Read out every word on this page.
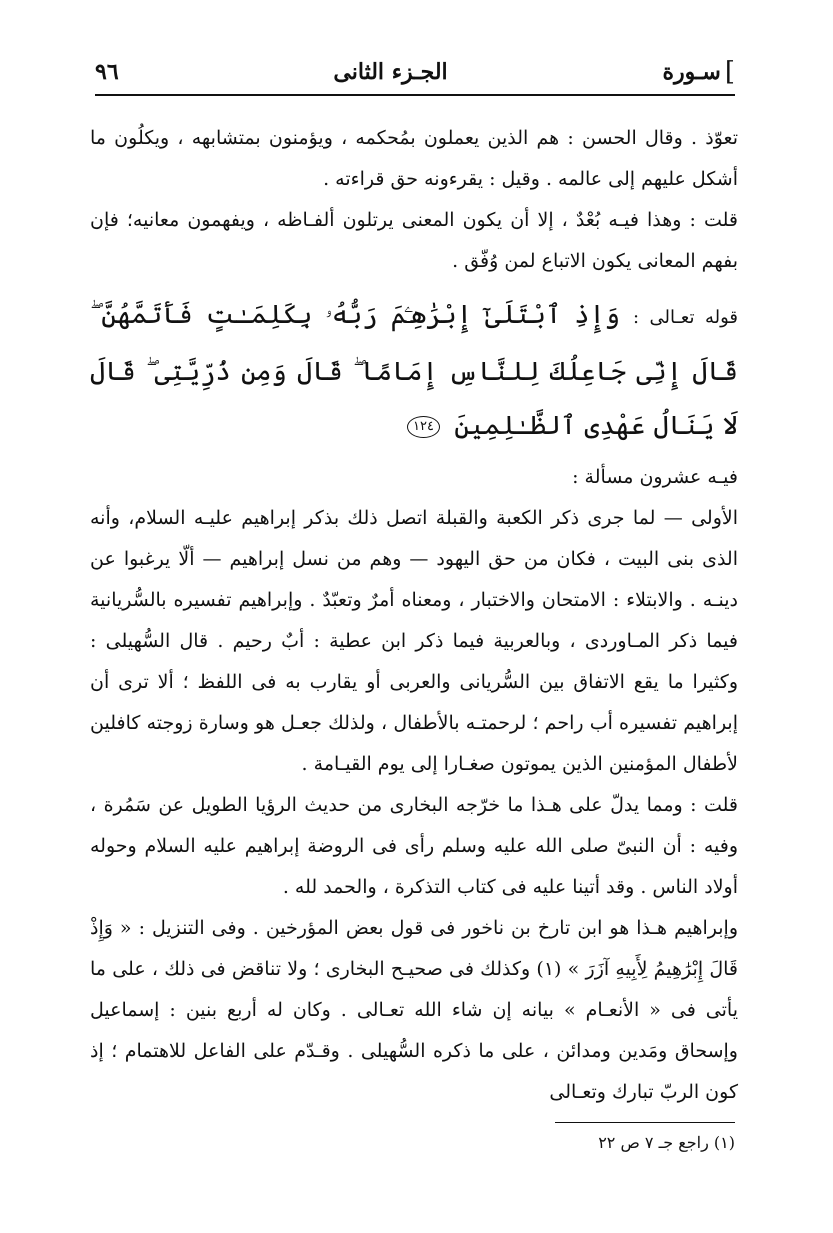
٩٦	الجـزء الثانى	سـورة [

تعوّذ . وقال الحسن : هم الذين يعملون بمُحكمه ، ويؤمنون بمتشابهه ، ويكلُون ما أشكل عليهم إلى عالمه . وقيل : يقرءونه حق قراءته .

قلت : وهذا فيـه بُعْدٌ ، إلا أن يكون المعنى يرتلون ألفـاظه ، ويفهمون معانيه؛ فإن بفهم المعانى يكون الاتباع لمن وُفّق .

قوله تعـالى : وَإِذِ ٱبْتَلَىٰٓ إِبْرَٰهِـۧمَ رَبُّهُۥ بِكَلِمَـٰتٍ فَأَتَمَّهُنَّ ۖ قَالَ إِنِّى جَاعِلُكَ لِلنَّاسِ إِمَامًا ۖ قَالَ وَمِن ذُرِّيَّتِى ۖ قَالَ لَا يَنَالُ عَهْدِى ٱلظَّـٰلِمِينَ ١٢٤

فيـه عشرون مسألة :

الأولى — لما جرى ذكر الكعبة والقبلة اتصل ذلك بذكر إبراهيم عليـه السلام، وأنه الذى بنى البيت ، فكان من حق اليهود — وهم من نسل إبراهيم — ألّا يرغبوا عن دينـه . والابتلاء : الامتحان والاختبار ، ومعناه أمرٌ وتعبّدٌ . وإبراهيم تفسيره بالسُّريانية فيما ذكر المـاوردى ، وبالعربية فيما ذكر ابن عطية : أبٌ رحيم . قال السُّهيلى : وكثيرا ما يقع الاتفاق بين السُّريانى والعربى أو يقارب به فى اللفظ ؛ ألا ترى أن إبراهيم تفسيره أب راحم ؛ لرحمتـه بالأطفال ، ولذلك جعـل هو وسارة زوجته كافلين لأطفال المؤمنين الذين يموتون صغـارا إلى يوم القيـامة .

قلت : ومما يدلّ على هـذا ما خرّجه البخارى من حديث الرؤيا الطويل عن سَمُرة ، وفيه : أن النبىّ صلى الله عليه وسلم رأى فى الروضة إبراهيم عليه السلام وحوله أولاد الناس . وقد أتينا عليه فى كتاب التذكرة ، والحمد لله .

وإبراهيم هـذا هو ابن تارخ بن ناخور فى قول بعض المؤرخين . وفى التنزيل : « وَإِذْ قَالَ إِبْرَٰهِيمُ لِأَبِيهِ آزَرَ » (١) وكذلك فى صحيـح البخارى ؛ ولا تناقض فى ذلك ، على ما يأتى فى « الأنعـام » بيانه إن شاء الله تعـالى . وكان له أربع بنين : إسماعيل وإسحاق ومَدين ومدائن ، على ما ذكره السُّهيلى . وقـدّم على الفاعل للاهتمام ؛ إذ كون الربّ تبارك وتعـالى

(١) راجع جـ ٧ ص ٢٢
